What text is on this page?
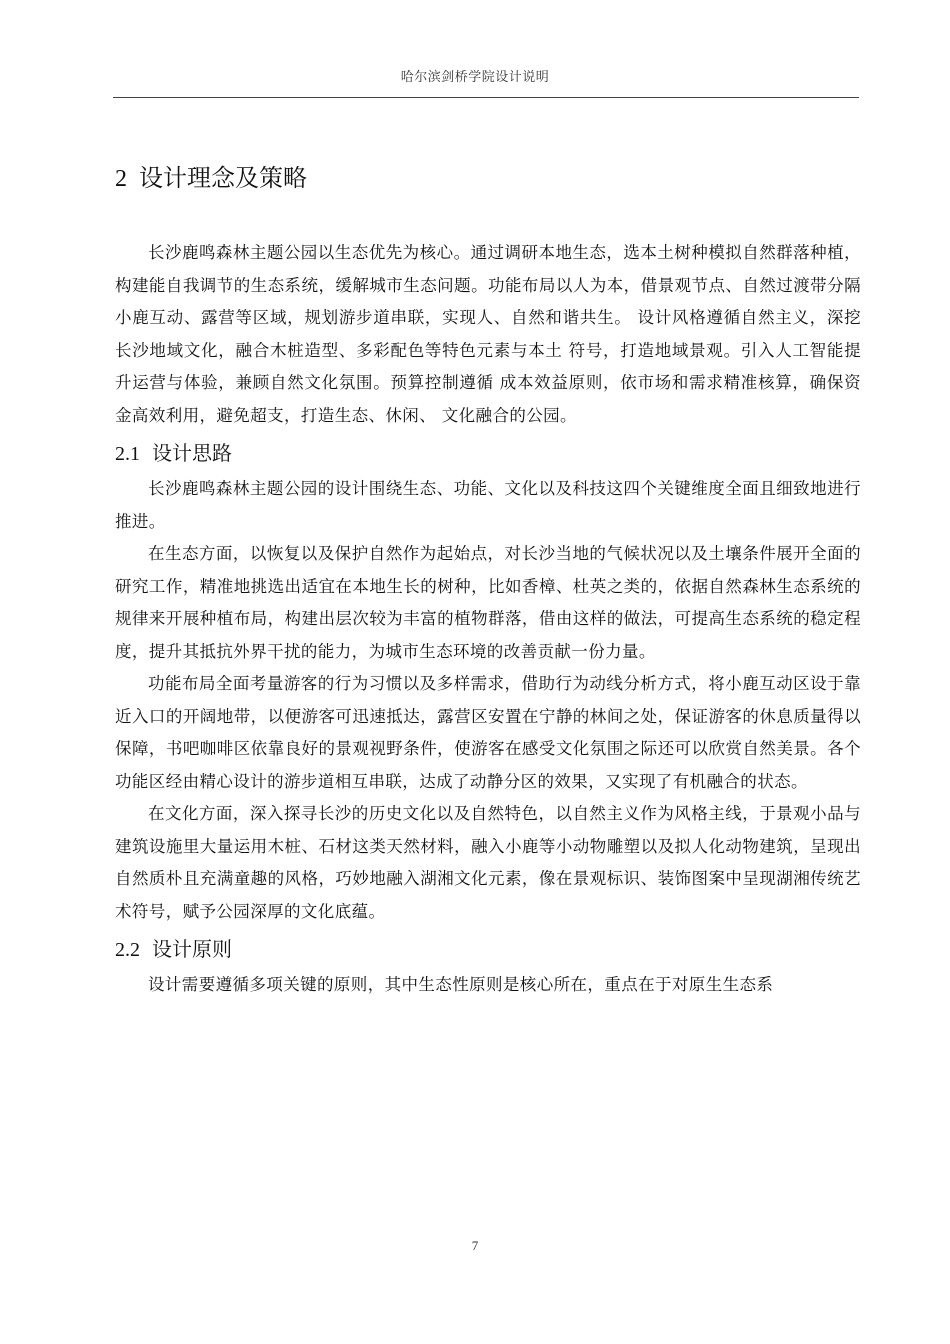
哈尔滨剑桥学院设计说明
2 设计理念及策略

长沙鹿鸣森林主题公园以生态优先为核心。通过调研本地生态，选本土树种模拟自然群落种植，构建能自我调节的生态系统，缓解城市生态问题。功能布局以人为本，借景观节点、自然过渡带分隔小鹿互动、露营等区域，规划游步道串联，实现人、自然和谐共生。 设计风格遵循自然主义，深挖长沙地域文化，融合木桩造型、多彩配色等特色元素与本土 符号，打造地域景观。引入人工智能提升运营与体验，兼顾自然文化氛围。预算控制遵循 成本效益原则，依市场和需求精准核算，确保资金高效利用，避免超支，打造生态、休闲、 文化融合的公园。

2.1 设计思路

长沙鹿鸣森林主题公园的设计围绕生态、功能、文化以及科技这四个关键维度全面且细致地进行推进。

在生态方面，以恢复以及保护自然作为起始点，对长沙当地的气候状况以及土壤条件展开全面的研究工作，精准地挑选出适宜在本地生长的树种，比如香樟、杜英之类的，依据自然森林生态系统的规律来开展种植布局，构建出层次较为丰富的植物群落，借由这样的做法，可提高生态系统的稳定程度，提升其抵抗外界干扰的能力，为城市生态环境的改善贡献一份力量。

功能布局全面考量游客的行为习惯以及多样需求，借助行为动线分析方式，将小鹿互动区设于靠近入口的开阔地带，以便游客可迅速抵达，露营区安置在宁静的林间之处，保证游客的休息质量得以保障，书吧咖啡区依靠良好的景观视野条件，使游客在感受文化氛围之际还可以欣赏自然美景。各个功能区经由精心设计的游步道相互串联，达成了动静分区的效果，又实现了有机融合的状态。

在文化方面，深入探寻长沙的历史文化以及自然特色，以自然主义作为风格主线，于景观小品与建筑设施里大量运用木桩、石材这类天然材料，融入小鹿等小动物雕塑以及拟人化动物建筑，呈现出自然质朴且充满童趣的风格，巧妙地融入湖湘文化元素，像在景观标识、装饰图案中呈现湖湘传统艺术符号，赋予公园深厚的文化底蕴。

2.2 设计原则

设计需要遵循多项关键的原则，其中生态性原则是核心所在，重点在于对原生生态系

7
